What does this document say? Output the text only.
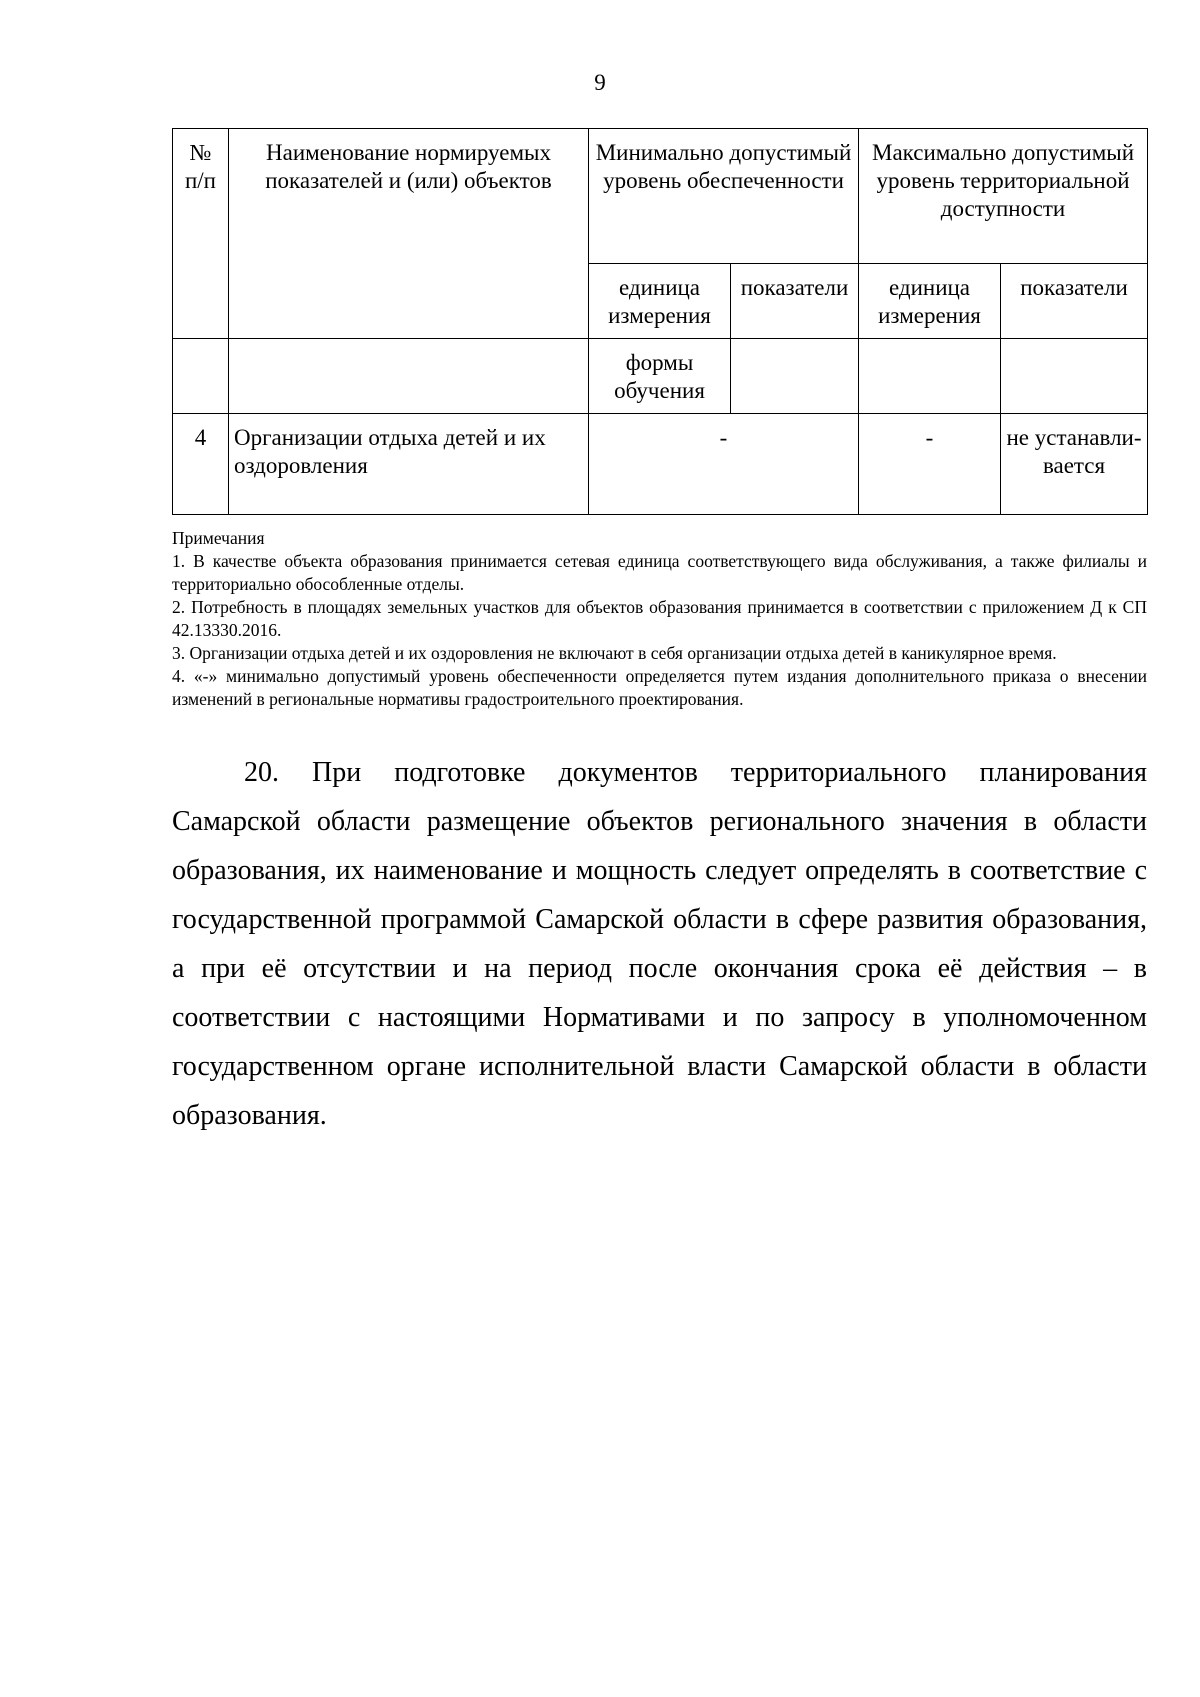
9
№ п/п	Наименование нормируемых показателей и (или) объектов	Минимально допустимый уровень обеспеченности		Максимально допустимый уровень территориальной доступности	
		единица измерения	показатели	единица измерения	показатели
		формы обучения			
4	Организации отдыха детей и их оздоровления	-		-	не устанавли-вается

Примечания

1. В качестве объекта образования принимается сетевая единица соответствующего вида обслуживания, а также филиалы и территориально обособленные отделы.

2. Потребность в площадях земельных участков для объектов образования принимается в соответствии с приложением Д к СП 42.13330.2016.

3. Организации отдыха детей и их оздоровления не включают в себя организации отдыха детей в каникулярное время.

4. «-» минимально допустимый уровень обеспеченности определяется путем издания дополнительного приказа о внесении изменений в региональные нормативы градостроительного проектирования.

20. При подготовке документов территориального планирования Самарской области размещение объектов регионального значения в области образования, их наименование и мощность следует определять в соответствие с государственной программой Самарской области в сфере развития образования, а при её отсутствии и на период после окончания срока её действия – в соответствии с настоящими Нормативами и по запросу в уполномоченном государственном органе исполнительной власти Самарской области в области образования.
